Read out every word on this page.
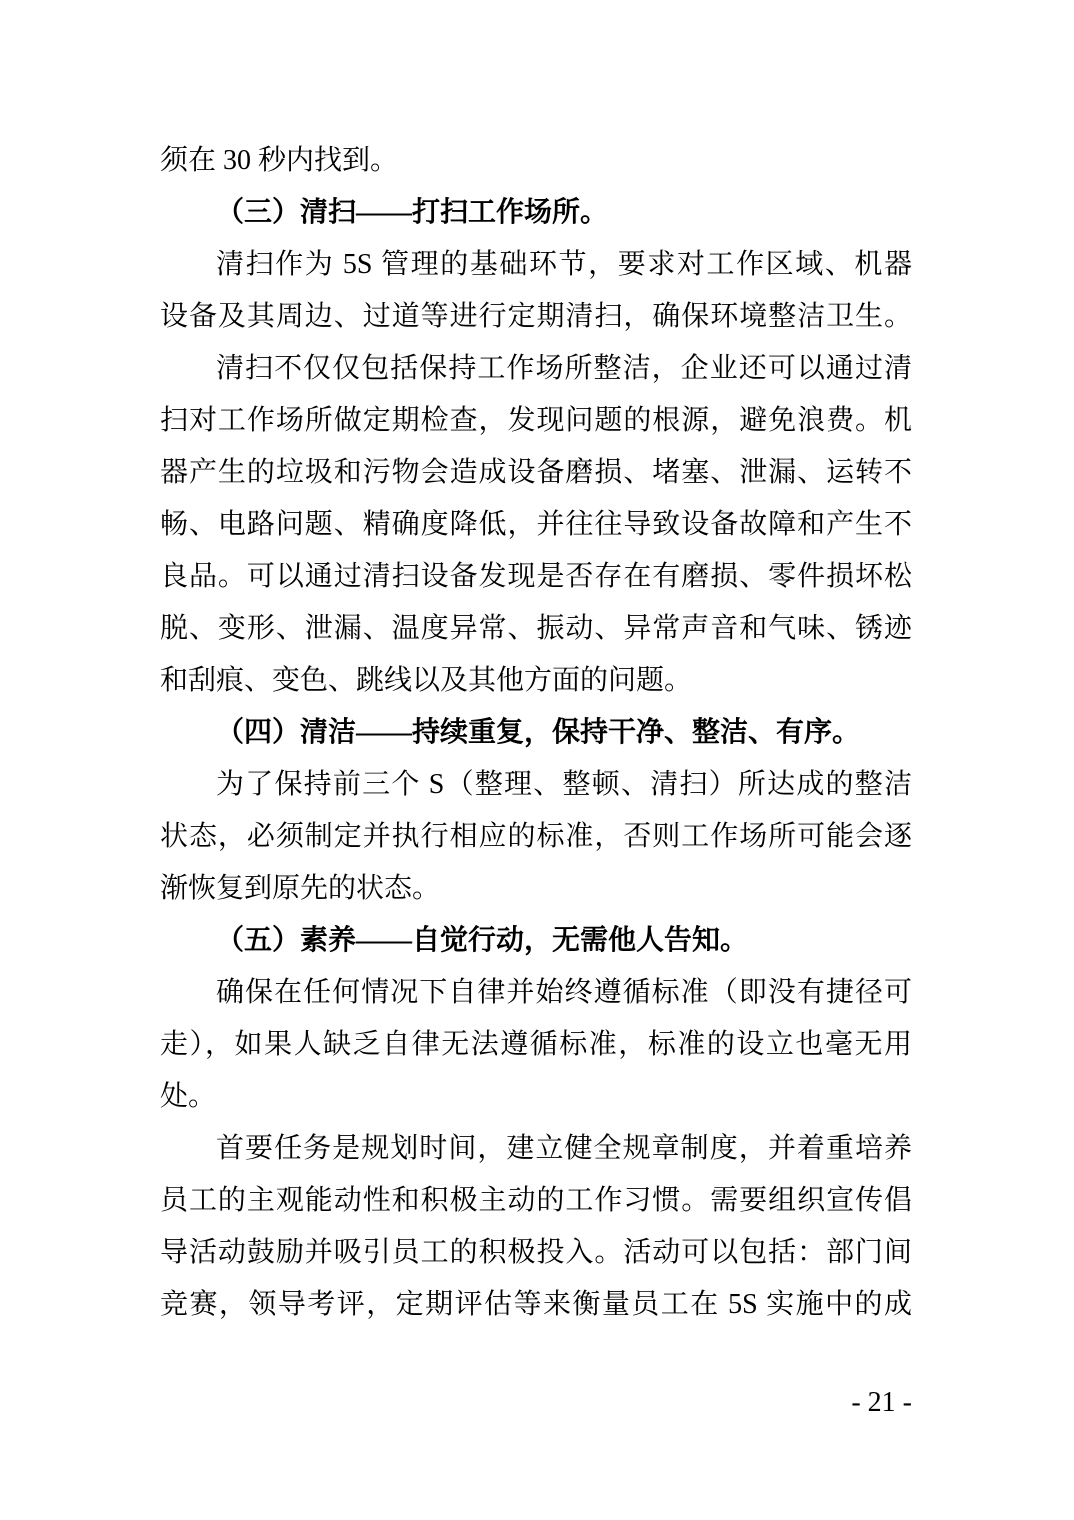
须在 30 秒内找到。
（三）清扫——打扫工作场所。
清扫作为 5S 管理的基础环节，要求对工作区域、机器
设备及其周边、过道等进行定期清扫，确保环境整洁卫生。
清扫不仅仅包括保持工作场所整洁，企业还可以通过清
扫对工作场所做定期检查，发现问题的根源，避免浪费。机
器产生的垃圾和污物会造成设备磨损、堵塞、泄漏、运转不
畅、电路问题、精确度降低，并往往导致设备故障和产生不
良品。可以通过清扫设备发现是否存在有磨损、零件损坏松
脱、变形、泄漏、温度异常、振动、异常声音和气味、锈迹
和刮痕、变色、跳线以及其他方面的问题。
（四）清洁——持续重复，保持干净、整洁、有序。
为了保持前三个 S（整理、整顿、清扫）所达成的整洁
状态，必须制定并执行相应的标准，否则工作场所可能会逐
渐恢复到原先的状态。
（五）素养——自觉行动，无需他人告知。
确保在任何情况下自律并始终遵循标准（即没有捷径可
走），如果人缺乏自律无法遵循标准，标准的设立也毫无用
处。
首要任务是规划时间，建立健全规章制度，并着重培养
员工的主观能动性和积极主动的工作习惯。需要组织宣传倡
导活动鼓励并吸引员工的积极投入。活动可以包括：部门间
竞赛，领导考评，定期评估等来衡量员工在 5S 实施中的成
- 21 -
